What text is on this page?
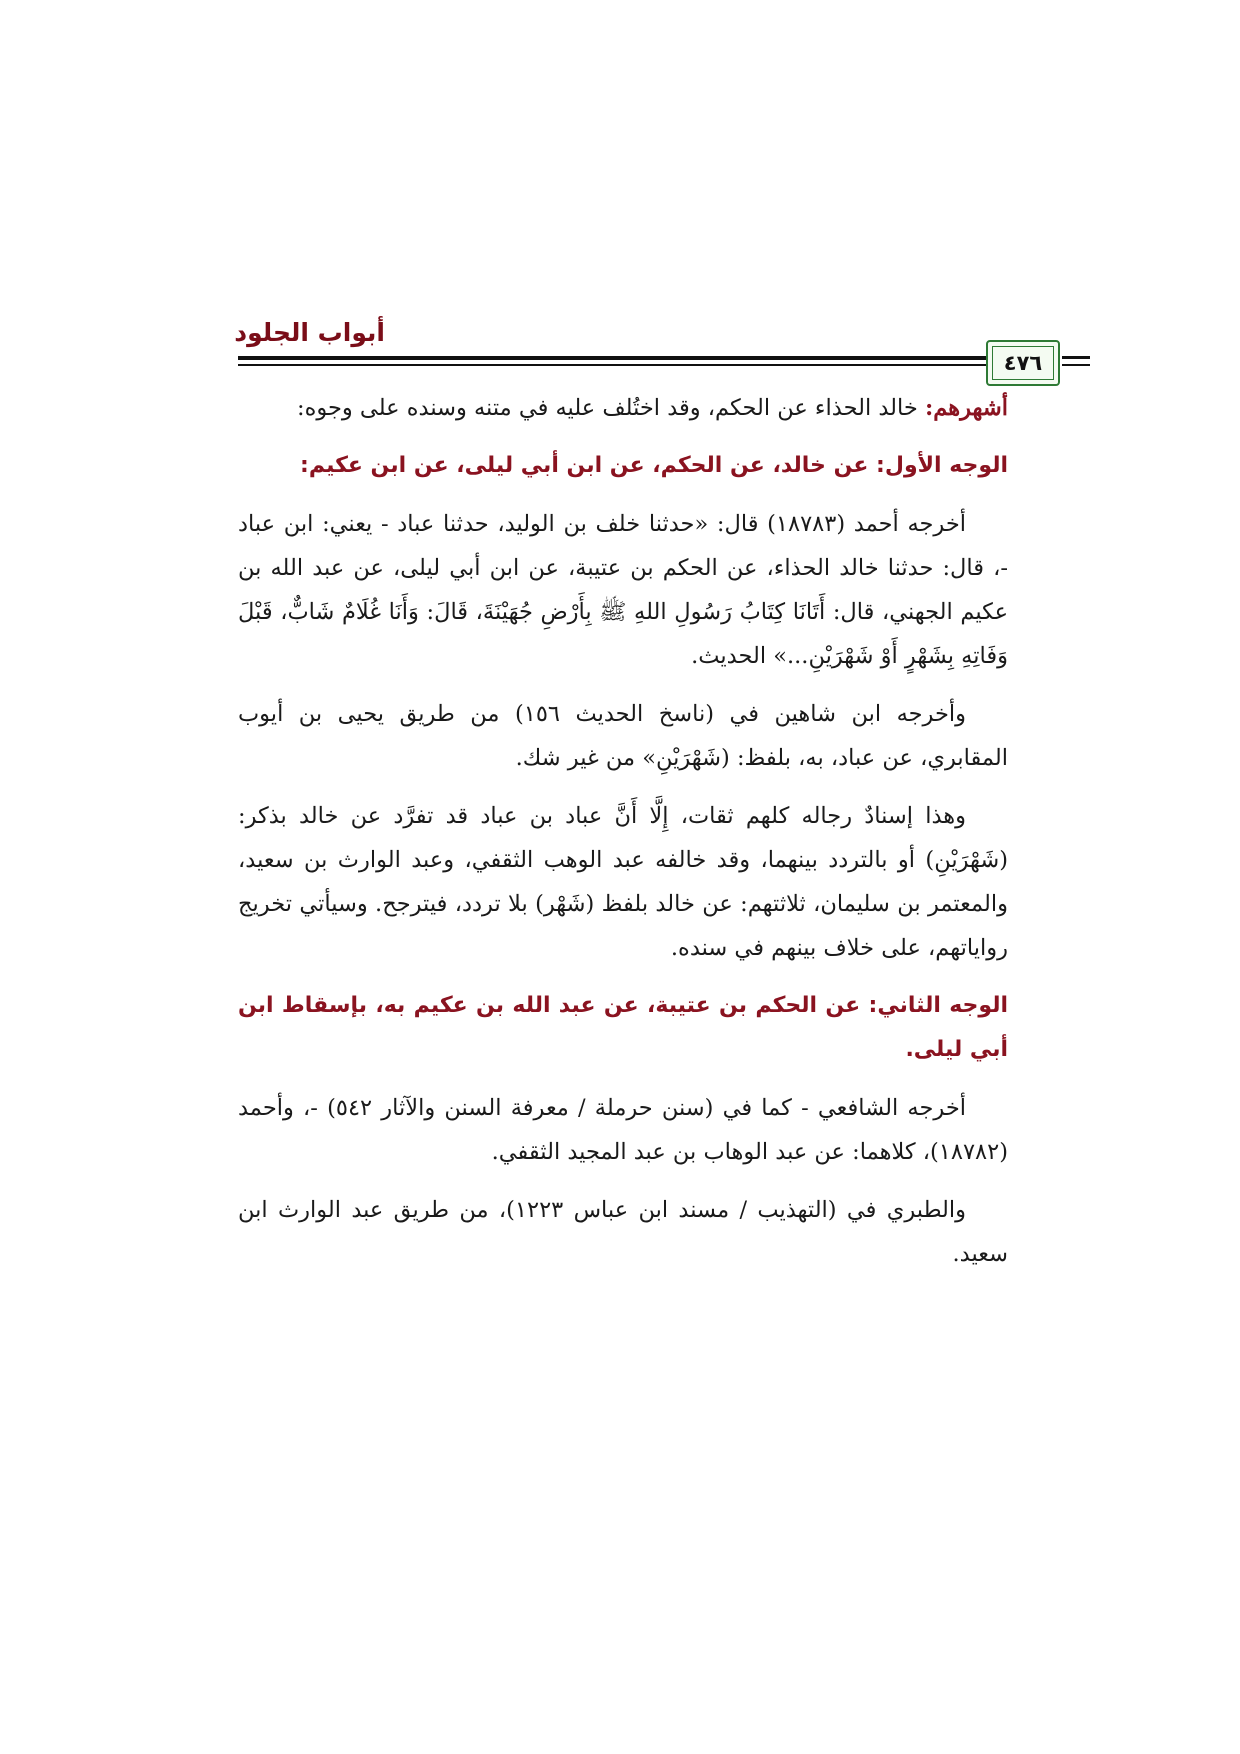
أبواب الجلود
٤٧٦

أشهرهم: خالد الحذاء عن الحكم، وقد اختُلف عليه في متنه وسنده على وجوه:

الوجه الأول: عن خالد، عن الحكم، عن ابن أبي ليلى، عن ابن عكيم:

أخرجه أحمد (١٨٧٨٣) قال: «حدثنا خلف بن الوليد، حدثنا عباد - يعني: ابن عباد -، قال: حدثنا خالد الحذاء، عن الحكم بن عتيبة، عن ابن أبي ليلى، عن عبد الله بن عكيم الجهني، قال: أَتَانَا كِتَابُ رَسُولِ اللهِ ﷺ بِأَرْضِ جُهَيْنَةَ، قَالَ: وَأَنَا غُلَامٌ شَابٌّ، قَبْلَ وَفَاتِهِ بِشَهْرٍ أَوْ شَهْرَيْنِ...» الحديث.

وأخرجه ابن شاهين في (ناسخ الحديث ١٥٦) من طريق يحيى بن أيوب المقابري، عن عباد، به، بلفظ: (شَهْرَيْنِ» من غير شك.

وهذا إسنادٌ رجاله كلهم ثقات، إِلَّا أَنَّ عباد بن عباد قد تفرَّد عن خالد بذكر: (شَهْرَيْنِ) أو بالتردد بينهما، وقد خالفه عبد الوهب الثقفي، وعبد الوارث بن سعيد، والمعتمر بن سليمان، ثلاثتهم: عن خالد بلفظ (شَهْر) بلا تردد، فيترجح. وسيأتي تخريج رواياتهم، على خلاف بينهم في سنده.

الوجه الثاني: عن الحكم بن عتيبة، عن عبد الله بن عكيم به، بإسقاط ابن أبي ليلى.

أخرجه الشافعي - كما في (سنن حرملة / معرفة السنن والآثار ٥٤٢) -، وأحمد (١٨٧٨٢)، كلاهما: عن عبد الوهاب بن عبد المجيد الثقفي.

والطبري في (التهذيب / مسند ابن عباس ١٢٢٣)، من طريق عبد الوارث ابن سعيد.
